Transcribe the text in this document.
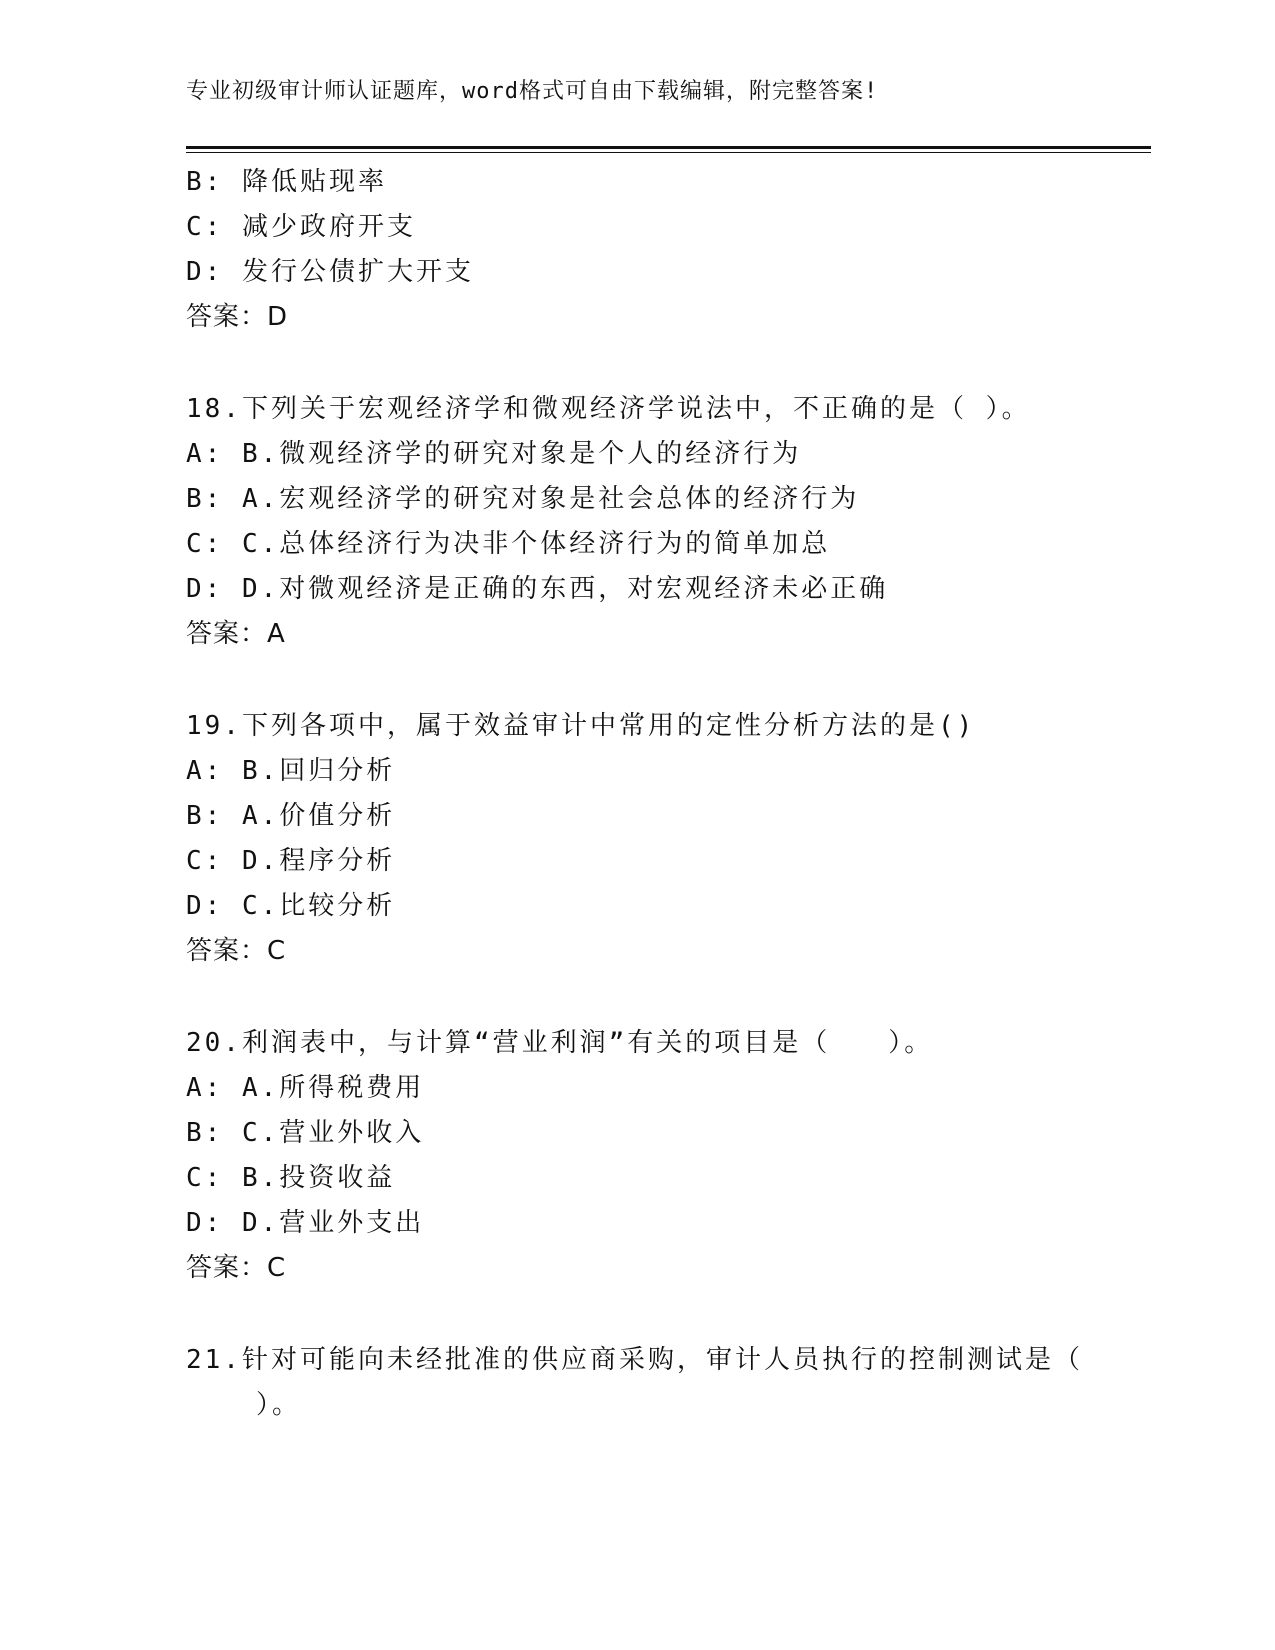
专业初级审计师认证题库，word格式可自由下载编辑，附完整答案!
B: 降低贴现率
C: 减少政府开支
D: 发行公债扩大开支
答案：D
18.下列关于宏观经济学和微观经济学说法中，不正确的是（ ）。
A: B.微观经济学的研究对象是个人的经济行为
B: A.宏观经济学的研究对象是社会总体的经济行为
C: C.总体经济行为决非个体经济行为的简单加总
D: D.对微观经济是正确的东西，对宏观经济未必正确
答案：A
19.下列各项中，属于效益审计中常用的定性分析方法的是()
A: B.回归分析
B: A.价值分析
C: D.程序分析
D: C.比较分析
答案：C
20.利润表中，与计算“营业利润”有关的项目是（　　）。
A: A.所得税费用
B: C.营业外收入
C: B.投资收益
D: D.营业外支出
答案：C
21.针对可能向未经批准的供应商采购，审计人员执行的控制测试是（
）。
